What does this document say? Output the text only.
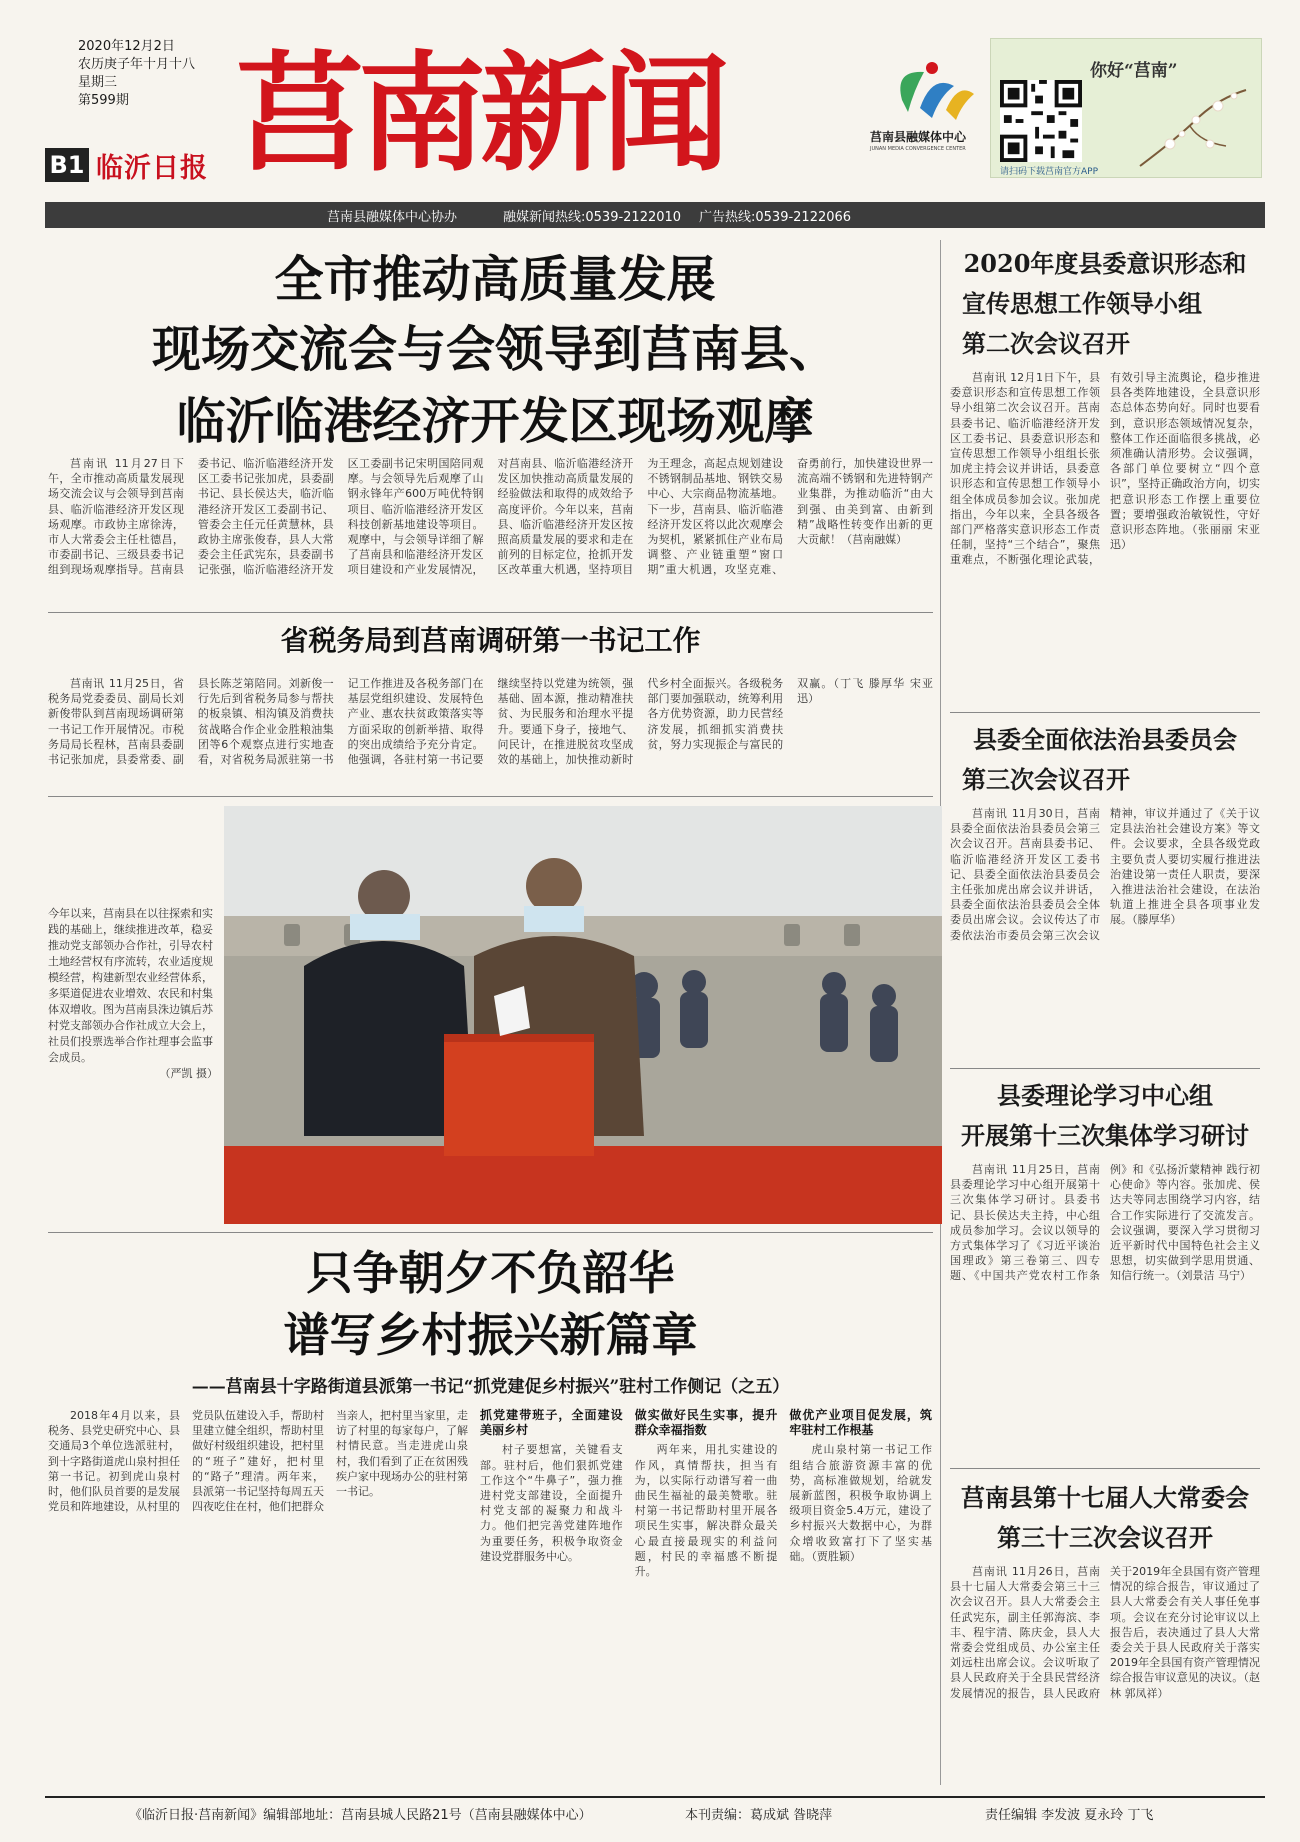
2020年12月2日
农历庚子年十月十八
星期三
第599期
B1 临沂日报 莒南新闻	莒南县融媒体中心
JUNAN MEDIA CONVERGENCE CENTER
你好“莒南”
请扫码下载莒南官方APP
莒南县融媒体中心协办	融媒新闻热线:0539-2122010 广告热线:0539-2122066
全市推动高质量发展
现场交流会与会领导到莒南县、
临沂临港经济开发区现场观摩

莒南讯 11月27日下午，全市推动高质量发展现场交流会议与会领导到莒南县、临沂临港经济开发区现场观摩。市政协主席徐涛，市人大常委会主任杜德昌，市委副书记、三级县委书记组到现场观摩指导。莒南县委书记、临沂临港经济开发区工委书记张加虎，县委副书记、县长侯达夫，临沂临港经济开发区工委副书记、管委会主任元任黄慧林，县政协主席张俊春，县人大常委会主任武宪东，县委副书记张强，临沂临港经济开发区工委副书记宋明国陪同观摩。与会领导先后观摩了山钢永锋年产600万吨优特钢项目、临沂临港经济开发区科技创新基地建设等项目。观摩中，与会领导详细了解了莒南县和临港经济开发区项目建设和产业发展情况，对莒南县、临沂临港经济开发区加快推动高质量发展的经验做法和取得的成效给予高度评价。今年以来，莒南县、临沂临港经济开发区按照高质量发展的要求和走在前列的目标定位，抢抓开发区改革重大机遇，坚持项目为王理念，高起点规划建设不锈钢制品基地、钢铁交易中心、大宗商品物流基地。下一步，莒南县、临沂临港经济开发区将以此次观摩会为契机，紧紧抓住产业布局调整、产业链重塑“窗口期”重大机遇，攻坚克难、奋勇前行，加快建设世界一流高端不锈钢和先进特钢产业集群，为推动临沂“由大到强、由美到富、由新到精”战略性转变作出新的更大贡献！（莒南融媒）

省税务局到莒南调研第一书记工作

莒南讯 11月25日，省税务局党委委员、副局长刘新俊带队到莒南现场调研第一书记工作开展情况。市税务局局长程林，莒南县委副书记张加虎，县委常委、副县长陈芝第陪同。刘新俊一行先后到省税务局参与帮扶的板泉镇、相沟镇及消费扶贫战略合作企业金胜粮油集团等6个观察点进行实地查看，对省税务局派驻第一书记工作推进及各税务部门在基层党组织建设、发展特色产业、惠农扶贫政策落实等方面采取的创新举措、取得的突出成绩给予充分肯定。他强调，各驻村第一书记要继续坚持以党建为统领，强基础、固本源，推动精准扶贫、为民服务和治理水平提升。要通下身子，接地气、问民计，在推进脱贫攻坚成效的基础上，加快推动新时代乡村全面振兴。各级税务部门要加强联动，统筹利用各方优势资源，助力民营经济发展，抓细抓实消费扶贫，努力实现振企与富民的双赢。（丁飞 滕厚华 宋亚迅）

今年以来，莒南县在以往探索和实践的基础上，继续推进改革，稳妥推动党支部领办合作社，引导农村土地经营权有序流转，农业适度规模经营，构建新型农业经营体系，多渠道促进农业增效、农民和村集体双增收。图为莒南县洙边镇后苏村党支部领办合作社成立大会上，社员们投票选举合作社理事会监事会成员。
（严凯 摄）
只争朝夕不负韶华
谱写乡村振兴新篇章
——莒南县十字路街道县派第一书记“抓党建促乡村振兴”驻村工作侧记（之五）

2018年4月以来，县税务、县党史研究中心、县交通局3个单位选派驻村，到十字路街道虎山泉村担任第一书记。初到虎山泉村时，他们队员首要的是发展党员和阵地建设，从村里的党员队伍建设入手，帮助村里建立健全组织，帮助村里做好村级组织建设，把村里的“班子”建好，把村里的“路子”理清。两年来，县派第一书记坚持每周五天四夜吃住在村，他们把群众当亲人，把村里当家里，走访了村里的每家每户，了解村情民意。当走进虎山泉村，我们看到了正在贫困残疾户家中现场办公的驻村第一书记。

抓党建带班子，全面建设美丽乡村

村子要想富，关键看支部。驻村后，他们狠抓党建工作这个“牛鼻子”，强力推进村党支部建设，全面提升村党支部的凝聚力和战斗力。他们把完善党建阵地作为重要任务，积极争取资金建设党群服务中心。

做实做好民生实事，提升群众幸福指数

两年来，用扎实建设的作风，真情帮扶，担当有为，以实际行动谱写着一曲曲民生福祉的最美赞歌。驻村第一书记帮助村里开展各项民生实事，解决群众最关心最直接最现实的利益问题，村民的幸福感不断提升。

做优产业项目促发展，筑牢驻村工作根基

虎山泉村第一书记工作组结合旅游资源丰富的优势，高标准做规划，给就发展新蓝图，积极争取协调上级项目资金5.4万元，建设了乡村振兴大数据中心，为群众增收致富打下了坚实基础。（贾胜颖）

2020年度县委意识形态和
宣传思想工作领导小组
第二次会议召开

莒南讯 12月1日下午，县委意识形态和宣传思想工作领导小组第二次会议召开。莒南县委书记、临沂临港经济开发区工委书记、县委意识形态和宣传思想工作领导小组组长张加虎主持会议并讲话，县委意识形态和宣传思想工作领导小组全体成员参加会议。张加虎指出，今年以来，全县各级各部门严格落实意识形态工作责任制，坚持“三个结合”，聚焦重难点，不断强化理论武装，有效引导主流舆论，稳步推进县各类阵地建设，全县意识形态总体态势向好。同时也要看到，意识形态领域情况复杂，整体工作还面临很多挑战，必须准确认清形势。会议强调，各部门单位要树立“四个意识”，坚持正确政治方向，切实把意识形态工作摆上重要位置；要增强政治敏锐性，守好意识形态阵地。（张丽丽 宋亚迅）

县委全面依法治县委员会
第三次会议召开

莒南讯 11月30日，莒南县委全面依法治县委员会第三次会议召开。莒南县委书记、临沂临港经济开发区工委书记、县委全面依法治县委员会主任张加虎出席会议并讲话，县委全面依法治县委员会全体委员出席会议。会议传达了市委依法治市委员会第三次会议精神，审议并通过了《关于议定县法治社会建设方案》等文件。会议要求，全县各级党政主要负责人要切实履行推进法治建设第一责任人职责，要深入推进法治社会建设，在法治轨道上推进全县各项事业发展。（滕厚华）

县委理论学习中心组
开展第十三次集体学习研讨

莒南讯 11月25日，莒南县委理论学习中心组开展第十三次集体学习研讨。县委书记、县长侯达夫主持，中心组成员参加学习。会议以领导的方式集体学习了《习近平谈治国理政》第三卷第三、四专题、《中国共产党农村工作条例》和《弘扬沂蒙精神 践行初心使命》等内容。张加虎、侯达夫等同志围绕学习内容，结合工作实际进行了交流发言。会议强调，要深入学习贯彻习近平新时代中国特色社会主义思想，切实做到学思用贯通、知信行统一。（刘景洁 马宁）

莒南县第十七届人大常委会
第三十三次会议召开

莒南讯 11月26日，莒南县十七届人大常委会第三十三次会议召开。县人大常委会主任武宪东，副主任郭海滨、李丰、程宇清、陈庆金，县人大常委会党组成员、办公室主任刘远柱出席会议。会议听取了县人民政府关于全县民营经济发展情况的报告，县人民政府关于2019年全县国有资产管理情况的综合报告，审议通过了县人大常委会有关人事任免事项。会议在充分讨论审议以上报告后，表决通过了县人大常委会关于县人民政府关于落实2019年全县国有资产管理情况综合报告审议意见的决议。（赵林 郭凤祥）

《临沂日报·莒南新闻》编辑部地址：莒南县城人民路21号（莒南县融媒体中心）	本刊责编：葛成斌 昝晓萍	责任编辑 李发波 夏永玲 丁飞
